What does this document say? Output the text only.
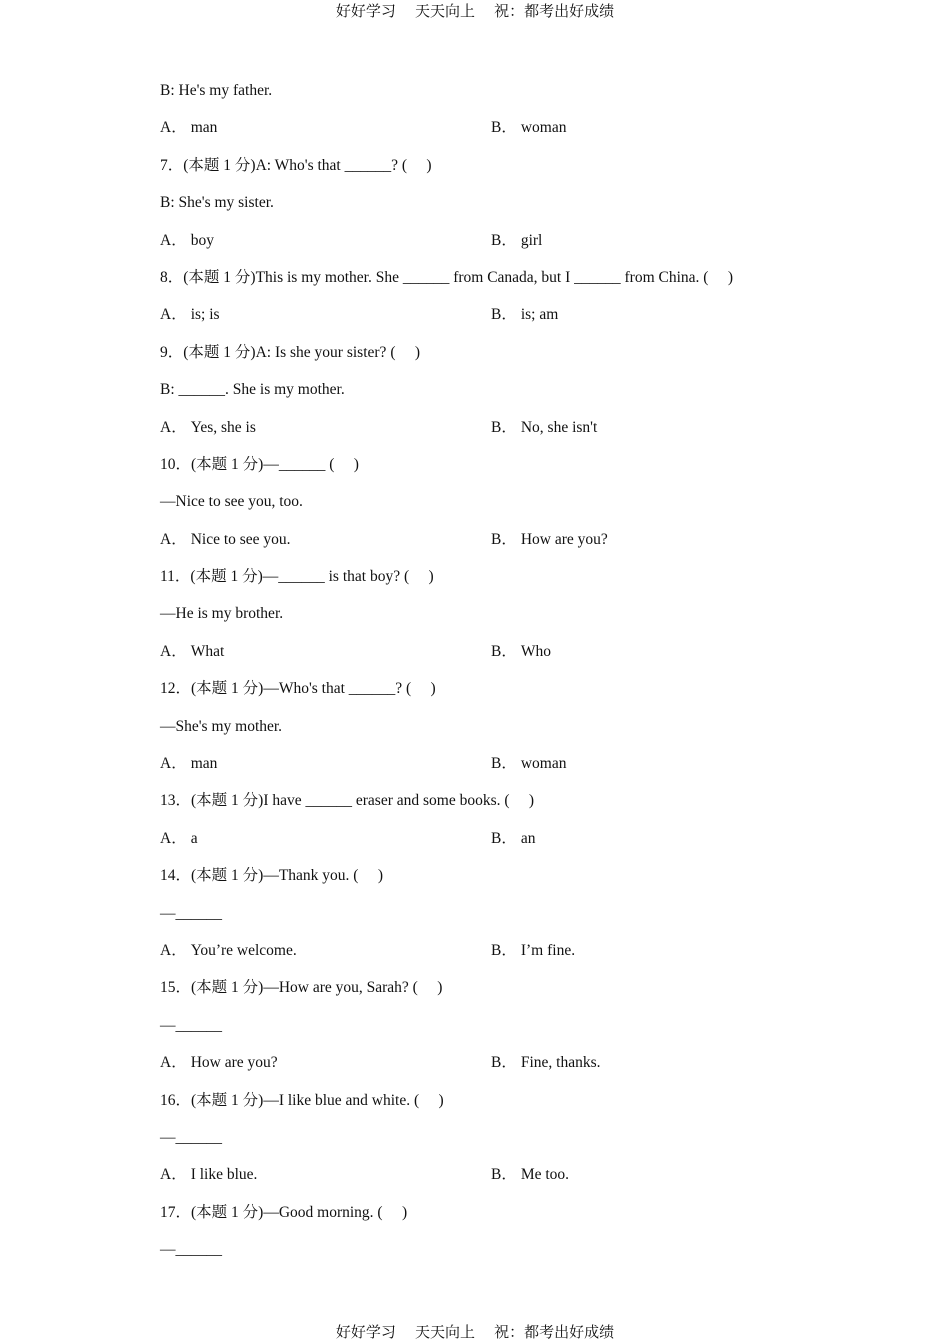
好好学习    天天向上    祝：都考出好成绩
B: He's my father.
A． man	B． woman
7．(本题 1 分)A: Who's that ______? (     )
B: She's my sister.
A． boy	B． girl
8．(本题 1 分)This is my mother. She ______ from Canada, but I ______ from China. (     )
A． is; is	B． is; am
9．(本题 1 分)A: Is she your sister? (     )
B: ______. She is my mother.
A． Yes, she is	B． No, she isn't
10．(本题 1 分)—______ (     )
—Nice to see you, too.
A． Nice to see you.	B． How are you?
11．(本题 1 分)—______ is that boy? (     )
—He is my brother.
A． What	B． Who
12．(本题 1 分)—Who's that ______? (     )
—She's my mother.
A． man	B． woman
13．(本题 1 分)I have ______ eraser and some books. (     )
A． a	B． an
14．(本题 1 分)—Thank you. (     )
—______
A． You’re welcome.	B． I’m fine.
15．(本题 1 分)—How are you, Sarah? (     )
—______
A． How are you?	B． Fine, thanks.
16．(本题 1 分)—I like blue and white. (     )
—______
A． I like blue.	B． Me too.
17．(本题 1 分)—Good morning. (     )
—______
好好学习    天天向上    祝：都考出好成绩
